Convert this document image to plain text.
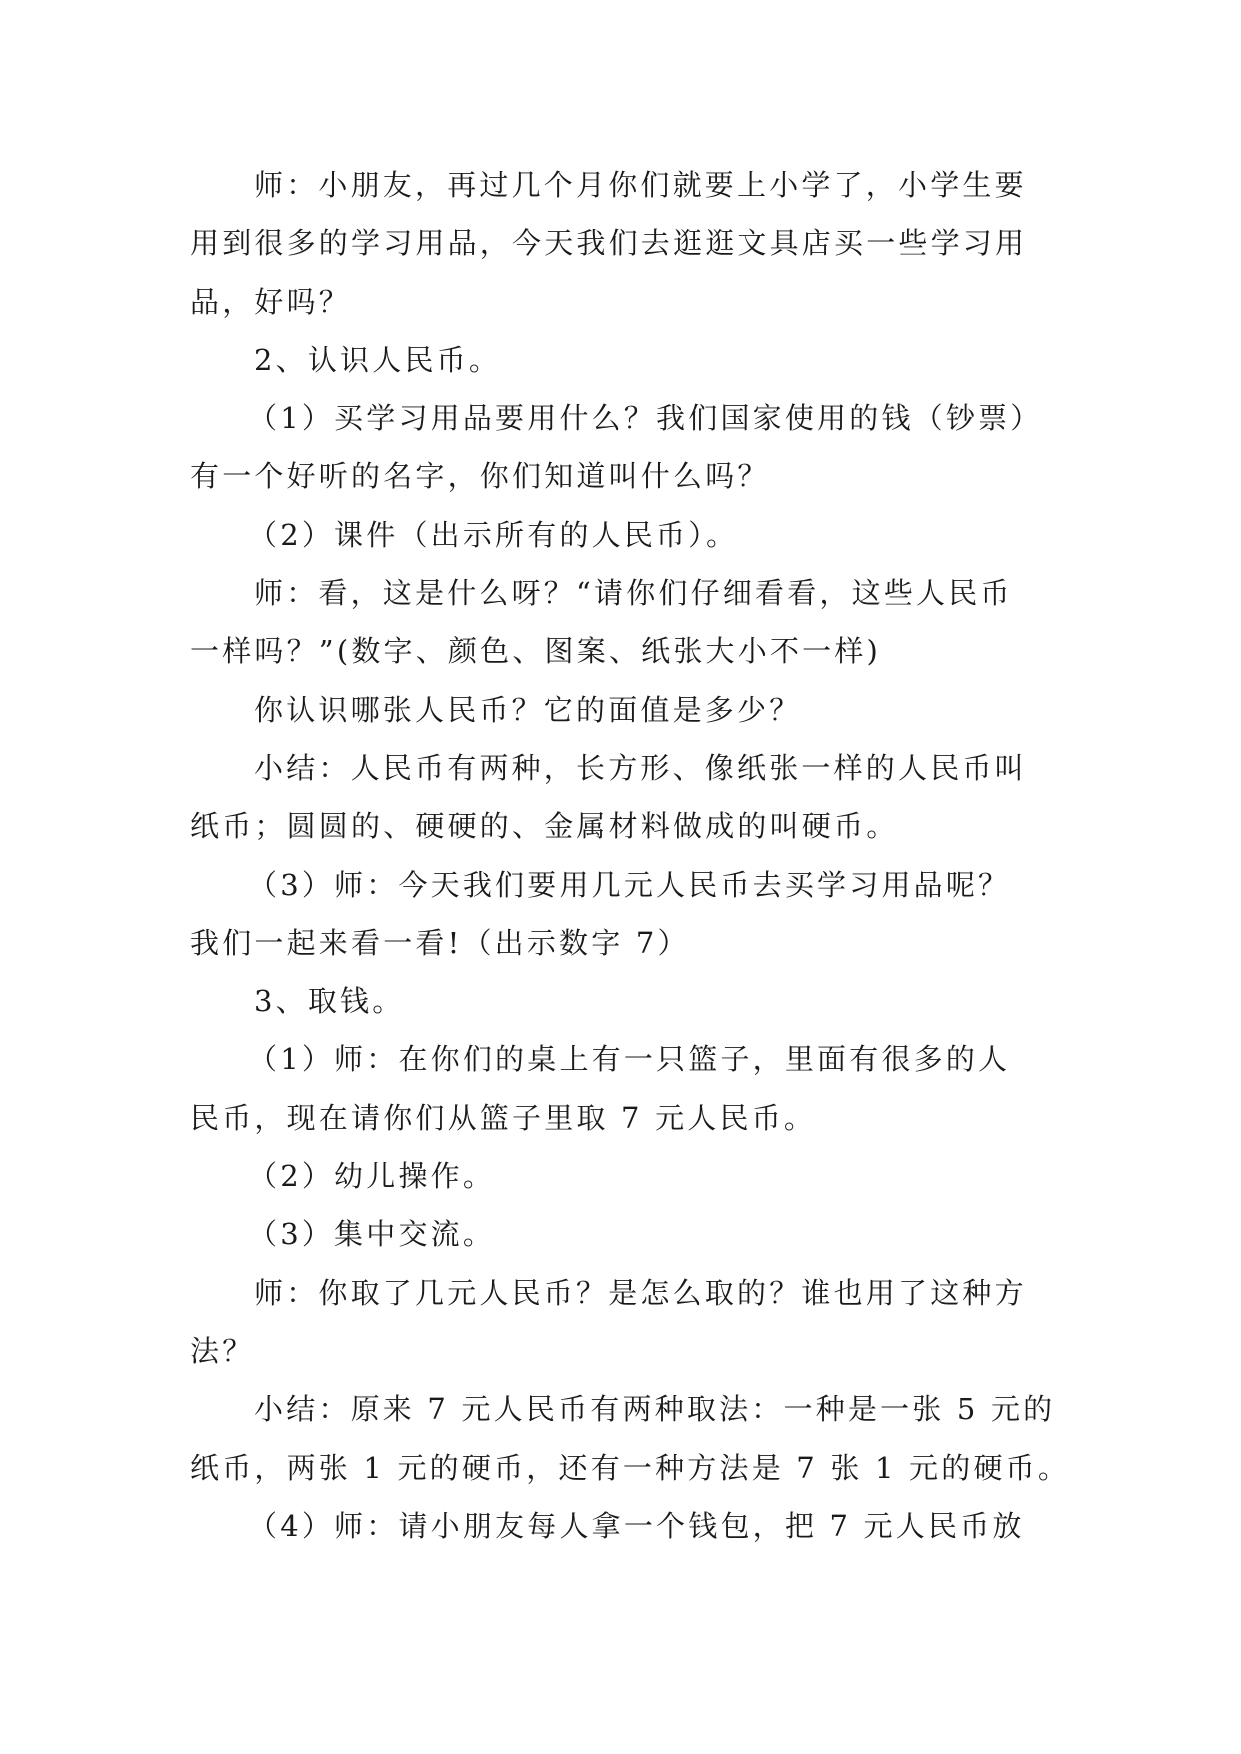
师：小朋友，再过几个月你们就要上小学了，小学生要
用到很多的学习用品，今天我们去逛逛文具店买一些学习用
品，好吗？
2、认识人民币。
（1）买学习用品要用什么？我们国家使用的钱（钞票）
有一个好听的名字，你们知道叫什么吗？
（2）课件（出示所有的人民币）。
师：看，这是什么呀？“请你们仔细看看，这些人民币
一样吗？”(数字、颜色、图案、纸张大小不一样)
你认识哪张人民币？它的面值是多少？
小结：人民币有两种，长方形、像纸张一样的人民币叫
纸币；圆圆的、硬硬的、金属材料做成的叫硬币。
（3）师：今天我们要用几元人民币去买学习用品呢？
我们一起来看一看!（出示数字 7）
3、取钱。
（1）师：在你们的桌上有一只篮子，里面有很多的人
民币，现在请你们从篮子里取 7 元人民币。
（2）幼儿操作。
（3）集中交流。
师：你取了几元人民币？是怎么取的？谁也用了这种方
法？
小结：原来 7 元人民币有两种取法：一种是一张 5 元的
纸币，两张 1 元的硬币，还有一种方法是 7 张 1 元的硬币。
（4）师：请小朋友每人拿一个钱包，把 7 元人民币放
